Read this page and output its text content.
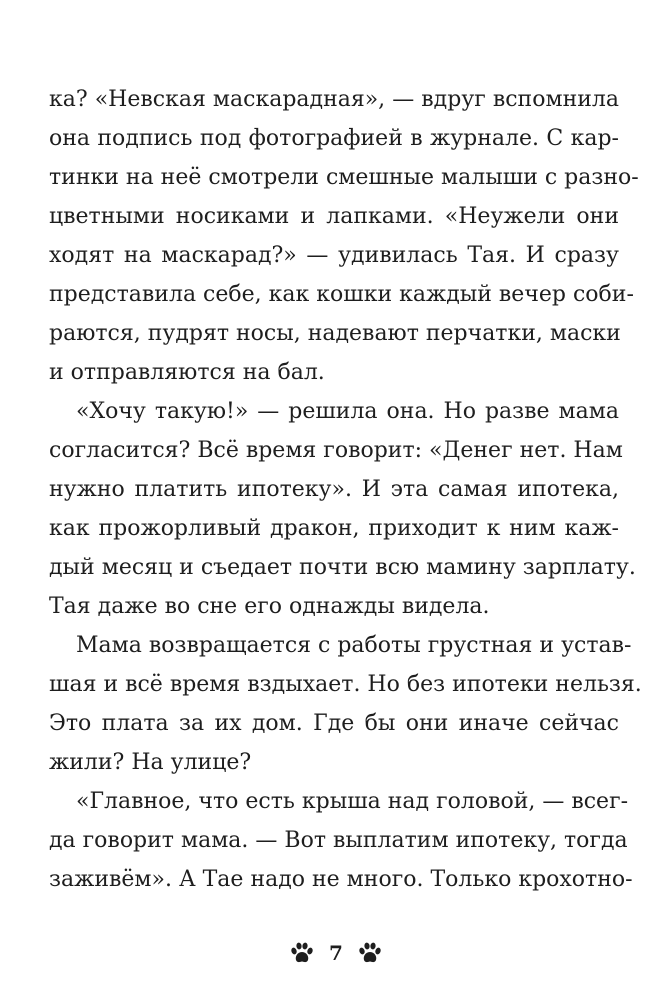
ка? «Невская маскарадная», — вдруг вспомнила
она подпись под фотографией в журнале. С кар-
тинки на неё смотрели смешные малыши с разно-
цветными носиками и лапками. «Неужели они
ходят на маскарад?» — удивилась Тая. И сразу
представила себе, как кошки каждый вечер соби-
раются, пудрят носы, надевают перчатки, маски
и отправляются на бал.
«Хочу такую!» — решила она. Но разве мама
согласится? Всё время говорит: «Денег нет. Нам
нужно платить ипотеку». И эта самая ипотека,
как прожорливый дракон, приходит к ним каж-
дый месяц и съедает почти всю мамину зарплату.
Тая даже во сне его однажды видела.
Мама возвращается с работы грустная и устав-
шая и всё время вздыхает. Но без ипотеки нельзя.
Это плата за их дом. Где бы они иначе сейчас
жили? На улице?
«Главное, что есть крыша над головой, — всег-
да говорит мама. — Вот выплатим ипотеку, тогда
заживём». А Тае надо не много. Только крохотно-
7
